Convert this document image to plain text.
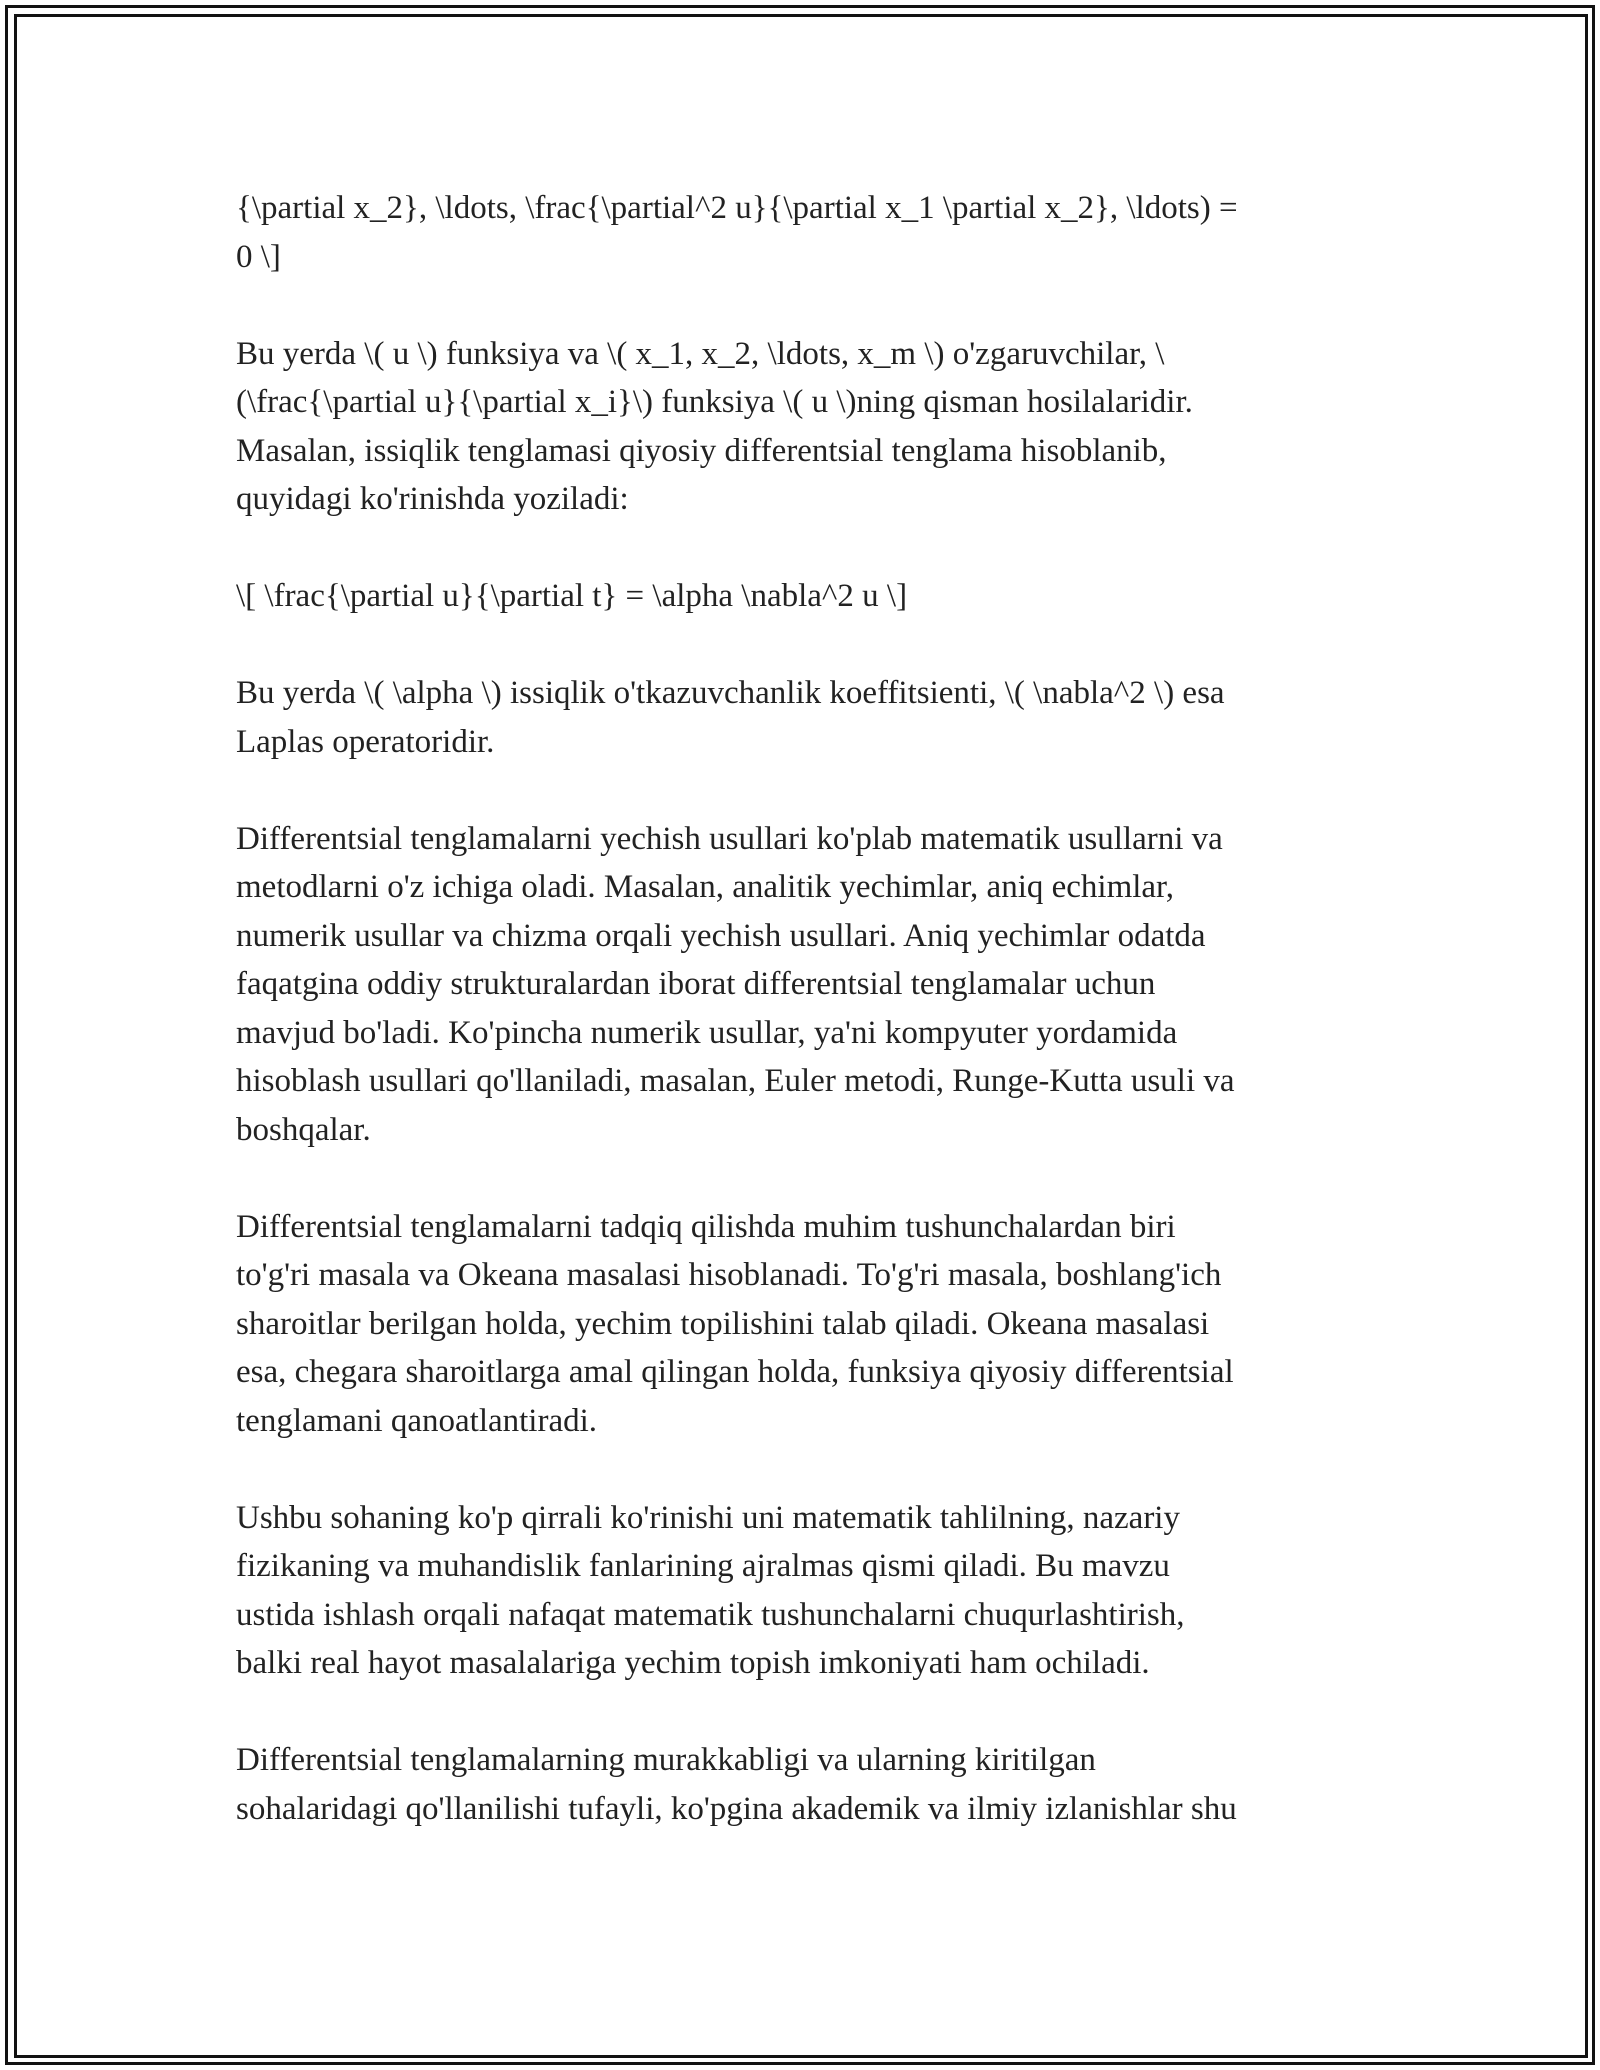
{\partial x_2}, \ldots, \frac{\partial^2 u}{\partial x_1 \partial x_2}, \ldots) =
0 \]
Bu yerda \( u \) funksiya va \( x_1, x_2, \ldots, x_m \) o'zgaruvchilar, \
(\frac{\partial u}{\partial x_i}\) funksiya \( u \)ning qisman hosilalaridir.
Masalan, issiqlik tenglamasi qiyosiy differentsial tenglama hisoblanib,
quyidagi ko'rinishda yoziladi:
\[ \frac{\partial u}{\partial t} = \alpha \nabla^2 u \]
Bu yerda \( \alpha \) issiqlik o'tkazuvchanlik koeffitsienti, \( \nabla^2 \) esa
Laplas operatoridir.
Differentsial tenglamalarni yechish usullari ko'plab matematik usullarni va
metodlarni o'z ichiga oladi. Masalan, analitik yechimlar, aniq echimlar,
numerik usullar va chizma orqali yechish usullari. Aniq yechimlar odatda
faqatgina oddiy strukturalardan iborat differentsial tenglamalar uchun
mavjud bo'ladi. Ko'pincha numerik usullar, ya'ni kompyuter yordamida
hisoblash usullari qo'llaniladi, masalan, Euler metodi, Runge-Kutta usuli va
boshqalar.
Differentsial tenglamalarni tadqiq qilishda muhim tushunchalardan biri
to'g'ri masala va Okeana masalasi hisoblanadi. To'g'ri masala, boshlang'ich
sharoitlar berilgan holda, yechim topilishini talab qiladi. Okeana masalasi
esa, chegara sharoitlarga amal qilingan holda, funksiya qiyosiy differentsial
tenglamani qanoatlantiradi.
Ushbu sohaning ko'p qirrali ko'rinishi uni matematik tahlilning, nazariy
fizikaning va muhandislik fanlarining ajralmas qismi qiladi. Bu mavzu
ustida ishlash orqali nafaqat matematik tushunchalarni chuqurlashtirish,
balki real hayot masalalariga yechim topish imkoniyati ham ochiladi.
Differentsial tenglamalarning murakkabligi va ularning kiritilgan
sohalaridagi qo'llanilishi tufayli, ko'pgina akademik va ilmiy izlanishlar shu
